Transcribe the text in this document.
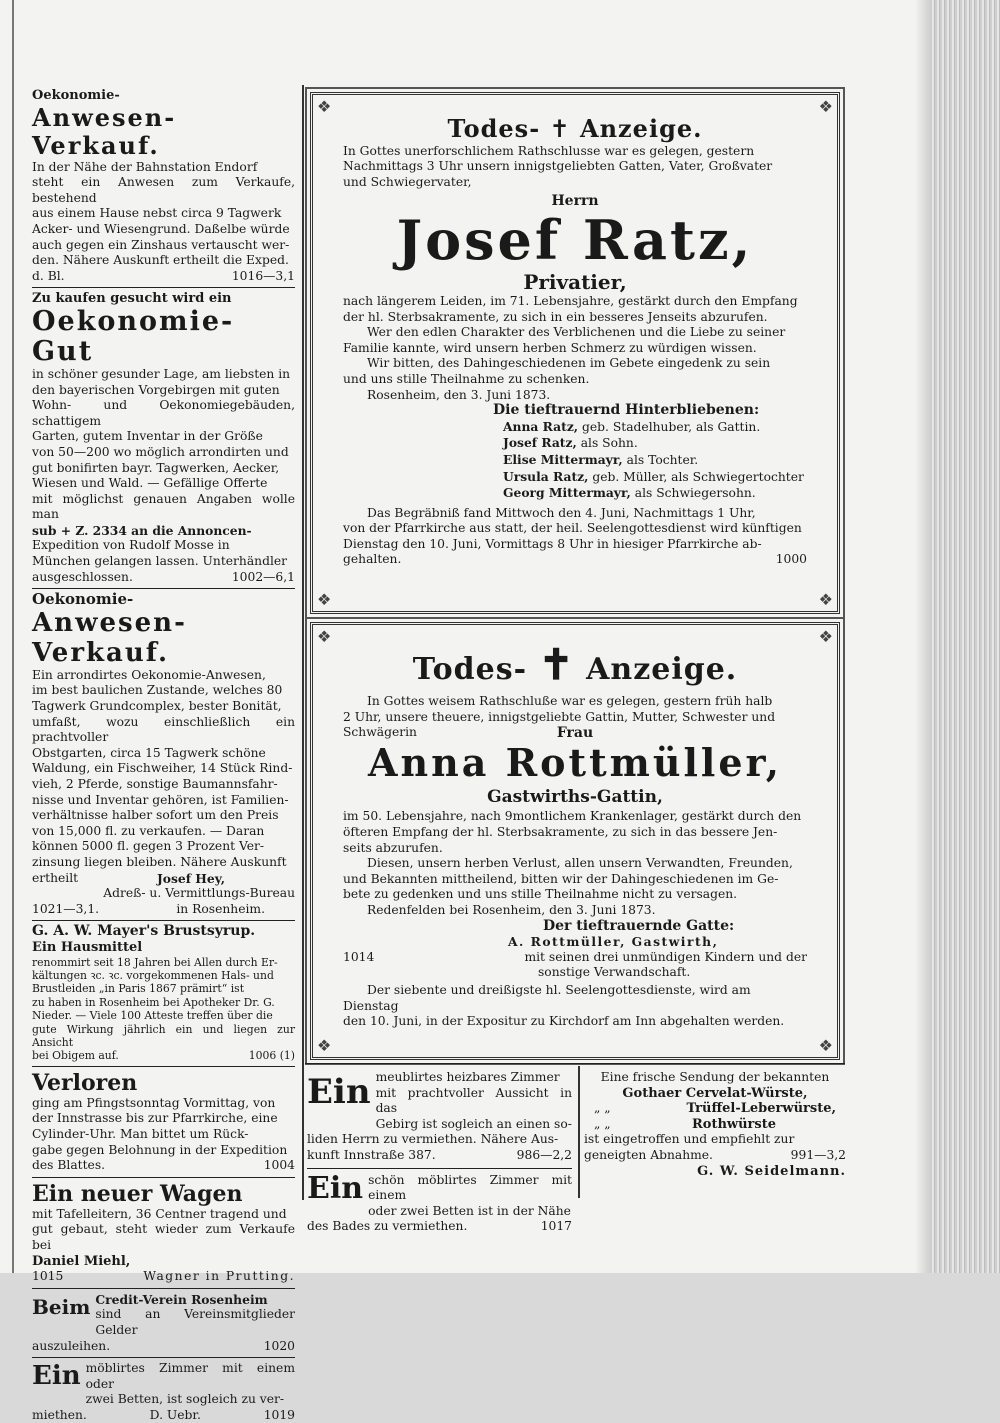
Oekonomie-

Anwesen-Verkauf.

In der Nähe der Bahnstation Endorf

steht ein Anwesen zum Verkaufe, bestehend

aus einem Hause nebst circa 9 Tagwerk

Acker- und Wiesengrund. Daßelbe würde

auch gegen ein Zinshaus vertauscht wer-

den. Nähere Auskunft ertheilt die Exped.

d. Bl.	1016—3,1

Zu kaufen gesucht wird ein

Oekonomie-Gut

in schöner gesunder Lage, am liebsten in

den bayerischen Vorgebirgen mit guten

Wohn- und Oekonomiegebäuden, schattigem

Garten, gutem Inventar in der Größe

von 50—200 wo möglich arrondirten und

gut bonifirten bayr. Tagwerken, Aecker,

Wiesen und Wald. — Gefällige Offerte

mit möglichst genauen Angaben wolle man

sub + Z. 2334 an die Annoncen-

Expedition von Rudolf Mosse in

München gelangen lassen. Unterhändler

ausgeschlossen.	1002—6,1

Oekonomie-

Anwesen-Verkauf.

Ein arrondirtes Oekonomie-Anwesen,

im best baulichen Zustande, welches 80

Tagwerk Grundcomplex, bester Bonität,

umfaßt, wozu einschließlich ein prachtvoller

Obstgarten, circa 15 Tagwerk schöne

Waldung, ein Fischweiher, 14 Stück Rind-

vieh, 2 Pferde, sonstige Baumannsfahr-

nisse und Inventar gehören, ist Familien-

verhältnisse halber sofort um den Preis

von 15,000 fl. zu verkaufen. — Daran

können 5000 fl. gegen 3 Prozent Ver-

zinsung liegen bleiben. Nähere Auskunft

ertheilt	Josef Hey,

Adreß- u. Vermittlungs-Bureau

1021—3,1.	in Rosenheim.

G. A. W. Mayer's Brustsyrup.

Ein Hausmittel

renommirt seit 18 Jahren bei Allen durch Er-

kältungen ꝛc. ꝛc. vorgekommenen Hals- und

Brustleiden „in Paris 1867 prämirt“ ist

zu haben in Rosenheim bei Apotheker Dr. G.

Nieder. — Viele 100 Atteste treffen über die

gute Wirkung jährlich ein und liegen zur Ansicht

bei Obigem auf.	1006 (1)

Verloren

ging am Pfingstsonntag Vormittag, von

der Innstrasse bis zur Pfarrkirche, eine

Cylinder-Uhr. Man bittet um Rück-

gabe gegen Belohnung in der Expedition

des Blattes.	1004

Ein neuer Wagen

mit Tafelleitern, 36 Centner tragend und

gut gebaut, steht wieder zum Verkaufe bei

Daniel Miehl,

1015	Wagner in Prutting.
Beim Credit-Verein Rosenheim

sind an Vereinsmitglieder Gelder

auszuleihen.	1020
Ein möblirtes Zimmer mit einem oder

zwei Betten, ist sogleich zu ver-

miethen.	D. Uebr.	1019
❖	❖
❖	❖
Todes- ✝ Anzeige.

In Gottes unerforschlichem Rathschlusse war es gelegen, gestern

Nachmittags 3 Uhr unsern innigstgeliebten Gatten, Vater, Großvater

und Schwiegervater,

Herrn

Josef Ratz,
Privatier,

nach längerem Leiden, im 71. Lebensjahre, gestärkt durch den Empfang

der hl. Sterbsakramente, zu sich in ein besseres Jenseits abzurufen.

Wer den edlen Charakter des Verblichenen und die Liebe zu seiner

Familie kannte, wird unsern herben Schmerz zu würdigen wissen.

Wir bitten, des Dahingeschiedenen im Gebete eingedenk zu sein

und uns stille Theilnahme zu schenken.

Rosenheim, den 3. Juni 1873.

Die tieftrauernd Hinterbliebenen:

Anna Ratz, geb. Stadelhuber, als Gattin.

Josef Ratz, als Sohn.

Elise Mittermayr, als Tochter.

Ursula Ratz, geb. Müller, als Schwiegertochter

Georg Mittermayr, als Schwiegersohn.

Das Begräbniß fand Mittwoch den 4. Juni, Nachmittags 1 Uhr,

von der Pfarrkirche aus statt, der heil. Seelengottesdienst wird künftigen

Dienstag den 10. Juni, Vormittags 8 Uhr in hiesiger Pfarrkirche ab-

gehalten.	1000
❖	❖
❖	❖
Todes- ✝ Anzeige.

In Gottes weisem Rathschluße war es gelegen, gestern früh halb

2 Uhr, unsere theuere, innigstgeliebte Gattin, Mutter, Schwester und

Schwägerin	Frau

Anna Rottmüller,
Gastwirths-Gattin,

im 50. Lebensjahre, nach 9montlichem Krankenlager, gestärkt durch den

öfteren Empfang der hl. Sterbsakramente, zu sich in das bessere Jen-

seits abzurufen.

Diesen, unsern herben Verlust, allen unsern Verwandten, Freunden,

und Bekannten mittheilend, bitten wir der Dahingeschiedenen im Ge-

bete zu gedenken und uns stille Theilnahme nicht zu versagen.

Redenfelden bei Rosenheim, den 3. Juni 1873.

Der tieftrauernde Gatte:

A. Rottmüller, Gastwirth,

1014	mit seinen drei unmündigen Kindern und der

sonstige Verwandschaft.

Der siebente und dreißigste hl. Seelengottesdienste, wird am Dienstag

den 10. Juni, in der Expositur zu Kirchdorf am Inn abgehalten werden.

Ein meublirtes heizbares Zimmer

mit prachtvoller Aussicht in das

Gebirg ist sogleich an einen so-

liden Herrn zu vermiethen. Nähere Aus-

kunft Innstraße 387.	986—2,2
Ein schön möblirtes Zimmer mit einem

oder zwei Betten ist in der Nähe

des Bades zu vermiethen.	1017

Eine frische Sendung der bekannten

Gothaer Cervelat-Würste,

„ „	Trüffel-Leberwürste,
„ „	Rothwürste

ist eingetroffen und empfiehlt zur

geneigten Abnahme.	991—3,2

G. W. Seidelmann.
